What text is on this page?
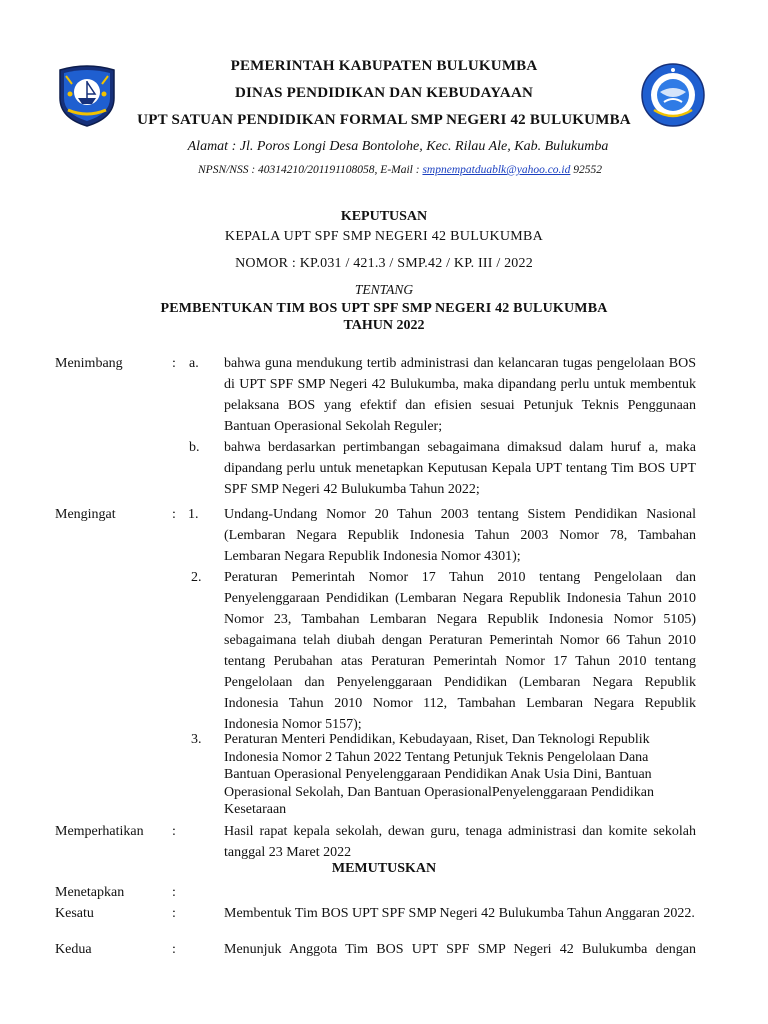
PEMERINTAH KABUPATEN BULUKUMBA
DINAS PENDIDIKAN DAN KEBUDAYAAN
UPT SATUAN PENDIDIKAN FORMAL SMP NEGERI 42 BULUKUMBA
Alamat : Jl. Poros Longi Desa Bontolohe, Kec. Rilau Ale, Kab. Bulukumba
NPSN/NSS : 40314210/201191108058, E-Mail : smpnempatduablk@yahoo.co.id 92552
KEPUTUSAN
KEPALA UPT SPF SMP NEGERI 42 BULUKUMBA
NOMOR : KP.031 / 421.3 / SMP.42 / KP. III / 2022
TENTANG
PEMBENTUKAN TIM BOS UPT SPF SMP NEGERI 42 BULUKUMBA
TAHUN 2022
Menimbang	: a. bahwa guna mendukung tertib administrasi dan kelancaran tugas pengelolaan BOS di UPT SPF SMP Negeri 42 Bulukumba, maka dipandang perlu untuk membentuk pelaksana BOS yang efektif dan efisien sesuai Petunjuk Teknis Penggunaan Bantuan Operasional Sekolah Reguler;
b. bahwa berdasarkan pertimbangan sebagaimana dimaksud dalam huruf a, maka dipandang perlu untuk menetapkan Keputusan Kepala UPT tentang Tim BOS UPT SPF SMP Negeri 42 Bulukumba Tahun 2022;
Mengingat	: 1. Undang-Undang Nomor 20 Tahun 2003 tentang Sistem Pendidikan Nasional (Lembaran Negara Republik Indonesia Tahun 2003 Nomor 78, Tambahan Lembaran Negara Republik Indonesia Nomor 4301);
2. Peraturan Pemerintah Nomor 17 Tahun 2010 tentang Pengelolaan dan Penyelenggaraan Pendidikan (Lembaran Negara Republik Indonesia Tahun 2010 Nomor 23, Tambahan Lembaran Negara Republik Indonesia Nomor 5105) sebagaimana telah diubah dengan Peraturan Pemerintah Nomor 66 Tahun 2010 tentang Perubahan atas Peraturan Pemerintah Nomor 17 Tahun 2010 tentang Pengelolaan dan Penyelenggaraan Pendidikan (Lembaran Negara Republik Indonesia Tahun 2010 Nomor 112, Tambahan Lembaran Negara Republik Indonesia Nomor 5157);
3. Peraturan Menteri Pendidikan, Kebudayaan, Riset, Dan Teknologi Republik Indonesia Nomor 2 Tahun 2022 Tentang Petunjuk Teknis Pengelolaan Dana Bantuan Operasional Penyelenggaraan Pendidikan Anak Usia Dini, Bantuan Operasional Sekolah, Dan Bantuan OperasionalPenyelenggaraan Pendidikan Kesetaraan
Memperhatikan :	Hasil rapat kepala sekolah, dewan guru, tenaga administrasi dan komite sekolah tanggal 23 Maret 2022
MEMUTUSKAN
Menetapkan	:
Kesatu	:	Membentuk Tim BOS UPT SPF SMP Negeri 42 Bulukumba Tahun Anggaran 2022.
Kedua	:	Menunjuk Anggota Tim BOS UPT SPF SMP Negeri 42 Bulukumba dengan
